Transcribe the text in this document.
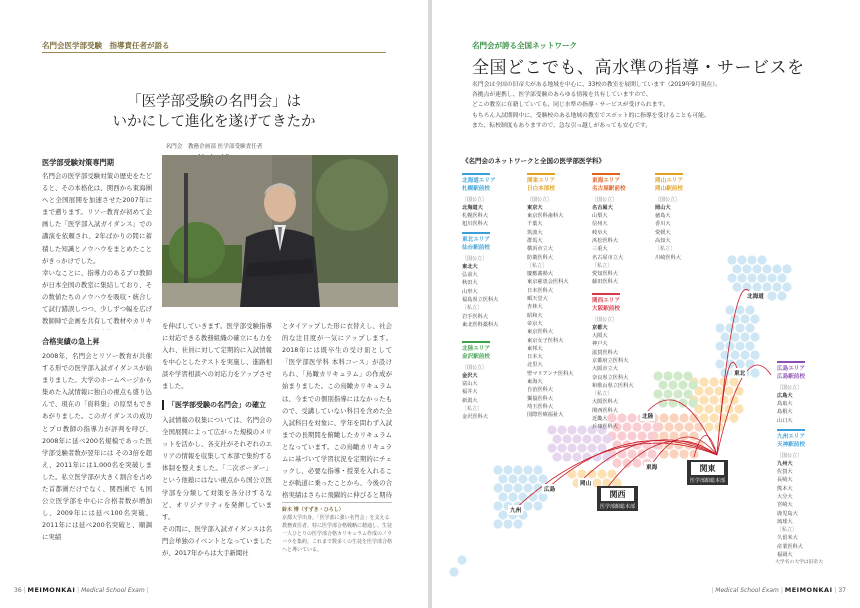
名門会医学部受験　指導責任者が語る
「医学部受験の名門会」は
いかにして進化を遂げてきたか
名門会　教務企画部 医学部受験責任者
医学部受験対策専門期
名門会の医学部受験対策の歴史をたどると、その本格化は、関西から東海圏へと全国展開を加速させた2007年にまで遡ります。リソー教育が初めて企画した「医学部入試ガイダンス」での講演を依頼され、2年ばかりの間に蓄積した知識とノウハウをまとめたことがきっかけでした。
幸いなことに、指導力のあるプロ教師が日本全国の教室に集結しており、その数値たちのノウハウを吸収・統合して試行錯誤しつつ、少しずつ幅を広げ教師陣で企画を共有して教材やカリキ
合格実績の急上昇
2008年、名門会とリソー教育が共催する形での医学部入試ガイダンスが始まりました。大学のホームページから集めた入試情報に独自の視点も盛り込んで、現在の「資料集」の原型もできあがりました。このガイダンスの成功とプロ教師の指導力が評判を呼び、2008年に延べ200名規模であった医学部受験者数が翌年には その3倍を超え、2011年には1,000名を突破しました。私立医学部が大きく割合を占めた首都圏だけでなく、関西圏で も国公立医学部を中心に合格者数が増加し、2009年には延べ100名突破、2011年には延べ200名突破と、順調に実績
を伸ばしていきます。医学部受験指導に対応できる教務組織の確立にも力を入れ、社員に対して定期的に入試情報を中心としたテストを実施し、進路相談や学習相談への対応力をアップさせました。
「医学部受験の名門会」の確立
入試情報の収集については、名門会の全国展開によって広がった規模のメリットを活かし、各支社がそれぞれのエリアの情報を収集して本部で集約する体制を整えました。「二次ボーダー」という他塾にはない視点から国公立医学部を分類して対策を各分けするなど、オリジナリティを発揮しています。
その間に、医学部入試ガイダンスは名門会単独のイベントとなっていましたが、2017年からは大手新聞社
とタイアップした形に衣替えし、社会的な注目度が一気にアップします。2018年には既卒生の受け皿として「医学部医学科 本科コース」が設けられ、「鳥瞰カリキュラム」の作成が始まりました。この鳥瞰カリキュラムは、今までの個別指導にはなかったもので、受講していない科目を含めた全入試科目を対象に、学年を問わず入試までの長期間を俯瞰したカリキュラムとなっています。この鳥瞰カリキュラムに基づいて学習状況を定期的にチェックし、必要な指導・授業を入れることが軌道に乗ったことから、今後の合格実績はさらに飛躍的に伸びると期待
鈴木 博（すずき・ひろし）
京都大学出身。「医学部に強い名門会」を支える教務責任者。特に医学部合格戦略に精通し、生徒一人ひとりの医学部合格カリキュラム作成のノウハウを集約。これまで数多くの生徒を医学部合格へと導いている。
36 | MEIMONKAI | Medical School Exam |
名門会が誇る全国ネットワーク
全国どこでも、高水準の指導・サービスを
名門会は全国の旧帝大がある地域を中心に、33校の教室を展開しています（2019年9月現在）。
各拠点が連携し、医学部受験のあらゆる情報を共有していますので、
どこの教室に在籍していても、同じ水準の指導・サービスが受けられます。
もちろん入試期間中に、受験校のある地域の教室でスポット的に指導を受けることも可能。
また、転校制度もありますので、急な引っ越しがあっても安心です。
《名門会のネットワークと全国の医学部医学科》
北海道
東北
北陸
関東
医学部館総本部
東海
関西
医学部館総本部
岡山
広島
九州
北海道エリア
札幌駅前校
［国公立］
北海道大
札幌医科大
旭川医科大
東北エリア
仙台駅前校
［国公立］
東北大
弘前大
秋田大
山形大
福島県立医科大
［私立］
岩手医科大
東北医科薬科大
北陸エリア
金沢駅前校
［国公立］
金沢大
富山大
福井大
新潟大
［私立］
金沢医科大
関東エリア
日白本部校
［国公立］
東京大
東京医科歯科大
千葉大
筑波大
群馬大
横浜市立大
防衛医科大
［私立］
慶應義塾大
東京慈恵会医科大
日本医科大
順天堂大
杏林大
昭和大
帝京大
東京医科大
東京女子医科大
東邦大
日本大
北里大
聖マリアンナ医科大
東海大
自治医科大
獨協医科大
埼玉医科大
国際医療福祉大
東海エリア
名古屋駅前校
［国公立］
名古屋大
山梨大
信州大
岐阜大
浜松医科大
三重大
名古屋市立大
［私立］
愛知医科大
藤田医科大
関西エリア
大阪駅前校
［国公立］
京都大
大阪大
神戸大
滋賀医科大
京都府立医科大
大阪市立大
奈良県立医科大
和歌山県立医科大
［私立］
大阪医科大
関西医科大
近畿大
兵庫医科大
岡山エリア
岡山駅前校
［国公立］
岡山大
徳島大
香川大
愛媛大
高知大
［私立］
川崎医科大
広島エリア
広島駅前校
［国公立］
広島大
鳥取大
島根大
山口大
九州エリア
天神駅前校
［国公立］
九州大
佐賀大
長崎大
熊本大
大分大
宮崎大
鹿児島大
琉球大
［私立］
久留米大
産業医科大
福岡大
大学名の大学は旧帝大
| Medical School Exam | MEIMONKAI | 37
